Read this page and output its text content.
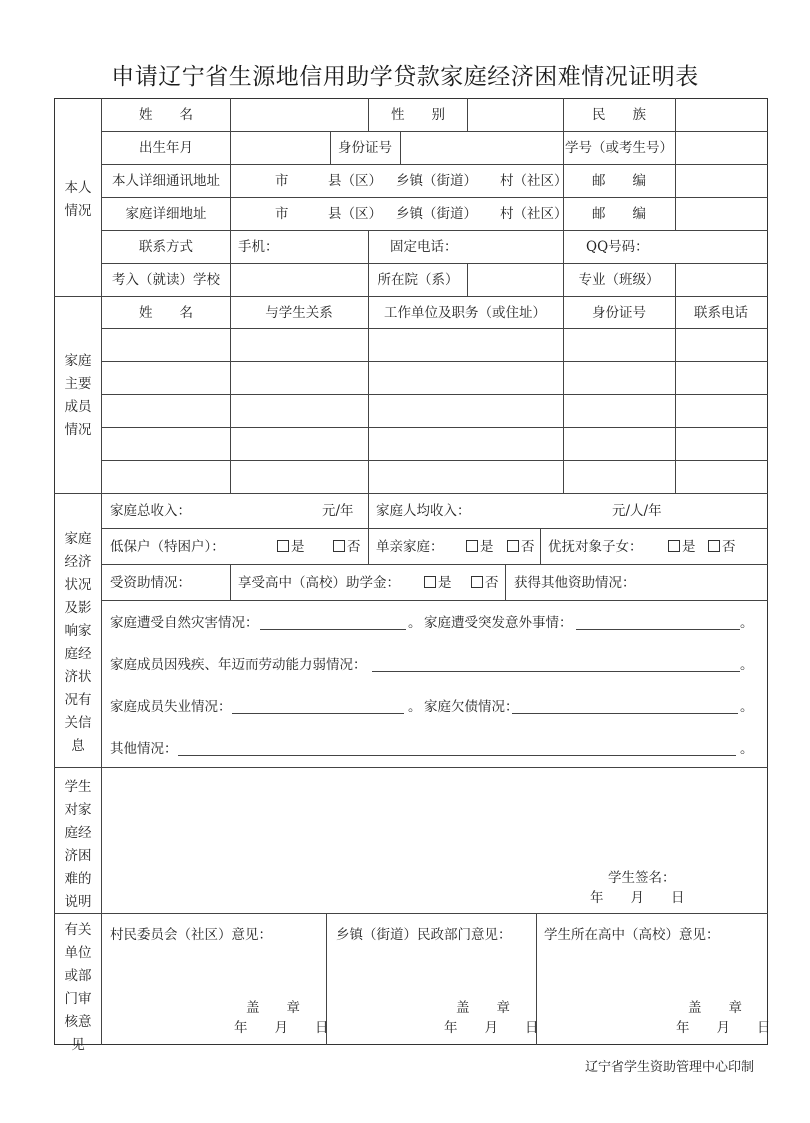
申请辽宁省生源地信用助学贷款家庭经济困难情况证明表
本人情况
姓　　名	性　　别	民　　族
出生年月	身份证号	学号（或考生号）
本人详细通讯地址	市	县（区） 乡镇（街道） 村（社区） 邮　　编
家庭详细地址	市	县（区） 乡镇（街道） 村（社区） 邮　　编
联系方式	手机：	固定电话：	QQ号码：
考入（就读）学校	所在院（系）	专业（班级）
家庭主要成员情况
姓　　名	与学生关系	工作单位及职务（或住址）	身份证号	联系电话
家庭经济状况及影响家庭经济状况有关信息
家庭总收入：	元/年 家庭人均收入：	元/人/年
低保户（特困户）：	是	否 单亲家庭：	是	否 优抚对象子女：	是	否
受资助情况：	享受高中（高校）助学金：	是	否 获得其他资助情况：
家庭遭受自然灾害情况：	。 家庭遭受突发意外事情：	。
家庭成员因残疾、年迈而劳动能力弱情况：	。
家庭成员失业情况：	。 家庭欠债情况：	。
其他情况：	。
学生对家庭经济困难的说明
学生签名：
年　　月　　日
有关单位或部门审核意见
村民委员会（社区）意见：
盖　　章
年　　月　　日
乡镇（街道）民政部门意见：
盖　　章
年　　月　　日
学生所在高中（高校）意见：
盖　　章
年　　月　　日
辽宁省学生资助管理中心印制
